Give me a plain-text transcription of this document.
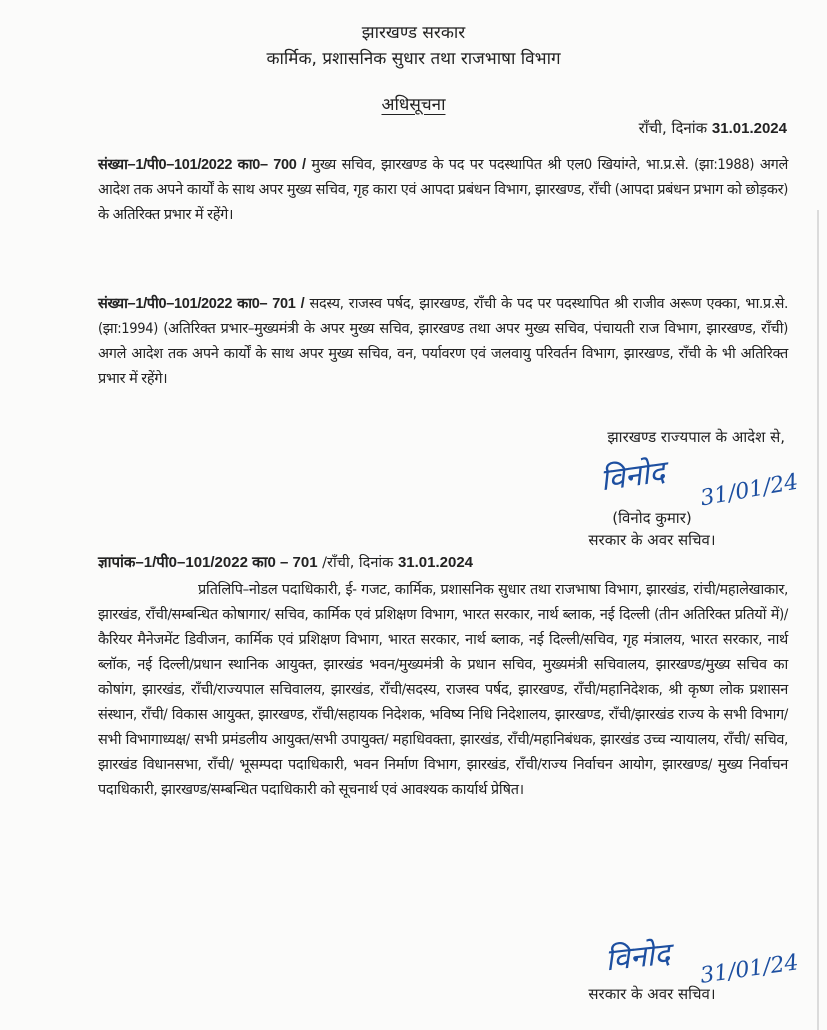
झारखण्ड सरकार
कार्मिक, प्रशासनिक सुधार तथा राजभाषा विभाग
अधिसूचना
राँची, दिनांक 31.01.2024
संख्या–1/पी0–101/2022 का0– 700 / मुख्य सचिव, झारखण्ड के पद पर पदस्थापित श्री एल0 खियांग्ते, भा.प्र.से. (झा:1988) अगले आदेश तक अपने कार्यों के साथ अपर मुख्य सचिव, गृह कारा एवं आपदा प्रबंधन विभाग, झारखण्ड, राँची (आपदा प्रबंधन प्रभाग को छोड़कर) के अतिरिक्त प्रभार में रहेंगे।
संख्या–1/पी0–101/2022 का0– 701 / सदस्य, राजस्व पर्षद, झारखण्ड, राँची के पद पर पदस्थापित श्री राजीव अरूण एक्का, भा.प्र.से. (झा:1994) (अतिरिक्त प्रभार–मुख्यमंत्री के अपर मुख्य सचिव, झारखण्ड तथा अपर मुख्य सचिव, पंचायती राज विभाग, झारखण्ड, राँची) अगले आदेश तक अपने कार्यों के साथ अपर मुख्य सचिव, वन, पर्यावरण एवं जलवायु परिवर्तन विभाग, झारखण्ड, राँची के भी अतिरिक्त प्रभार में रहेंगे।
झारखण्ड राज्यपाल के आदेश से,
विनोद 31/01/24
(विनोद कुमार)
सरकार के अवर सचिव।
ज्ञापांक–1/पी0–101/2022 का0 – 701 /राँची, दिनांक 31.01.2024
प्रतिलिपि–नोडल पदाधिकारी, ई- गजट, कार्मिक, प्रशासनिक सुधार तथा राजभाषा विभाग, झारखंड, रांची/महालेखाकार, झारखंड, राँची/सम्बन्धित कोषागार/ सचिव, कार्मिक एवं प्रशिक्षण विभाग, भारत सरकार, नार्थ ब्लाक, नई दिल्ली (तीन अतिरिक्त प्रतियों में)/ कैरियर मैनेजमेंट डिवीजन, कार्मिक एवं प्रशिक्षण विभाग, भारत सरकार, नार्थ ब्लाक, नई दिल्ली/सचिव, गृह मंत्रालय, भारत सरकार, नार्थ ब्लॉक, नई दिल्ली/प्रधान स्थानिक आयुक्त, झारखंड भवन/मुख्यमंत्री के प्रधान सचिव, मुख्यमंत्री सचिवालय, झारखण्ड/मुख्य सचिव का कोषांग, झारखंड, राँची/राज्यपाल सचिवालय, झारखंड, राँची/सदस्य, राजस्व पर्षद, झारखण्ड, राँची/महानिदेशक, श्री कृष्ण लोक प्रशासन संस्थान, राँची/ विकास आयुक्त, झारखण्ड, राँची/सहायक निदेशक, भविष्य निधि निदेशालय, झारखण्ड, राँची/झारखंड राज्य के सभी विभाग/सभी विभागाध्यक्ष/ सभी प्रमंडलीय आयुक्त/सभी उपायुक्त/ महाधिवक्ता, झारखंड, राँची/महानिबंधक, झारखंड उच्च न्यायालय, राँची/ सचिव, झारखंड विधानसभा, राँची/ भूसम्पदा पदाधिकारी, भवन निर्माण विभाग, झारखंड, राँची/राज्य निर्वाचन आयोग, झारखण्ड/ मुख्य निर्वाचन पदाधिकारी, झारखण्ड/सम्बन्धित पदाधिकारी को सूचनार्थ एवं आवश्यक कार्यार्थ प्रेषित।
विनोद 31/01/24
सरकार के अवर सचिव।
